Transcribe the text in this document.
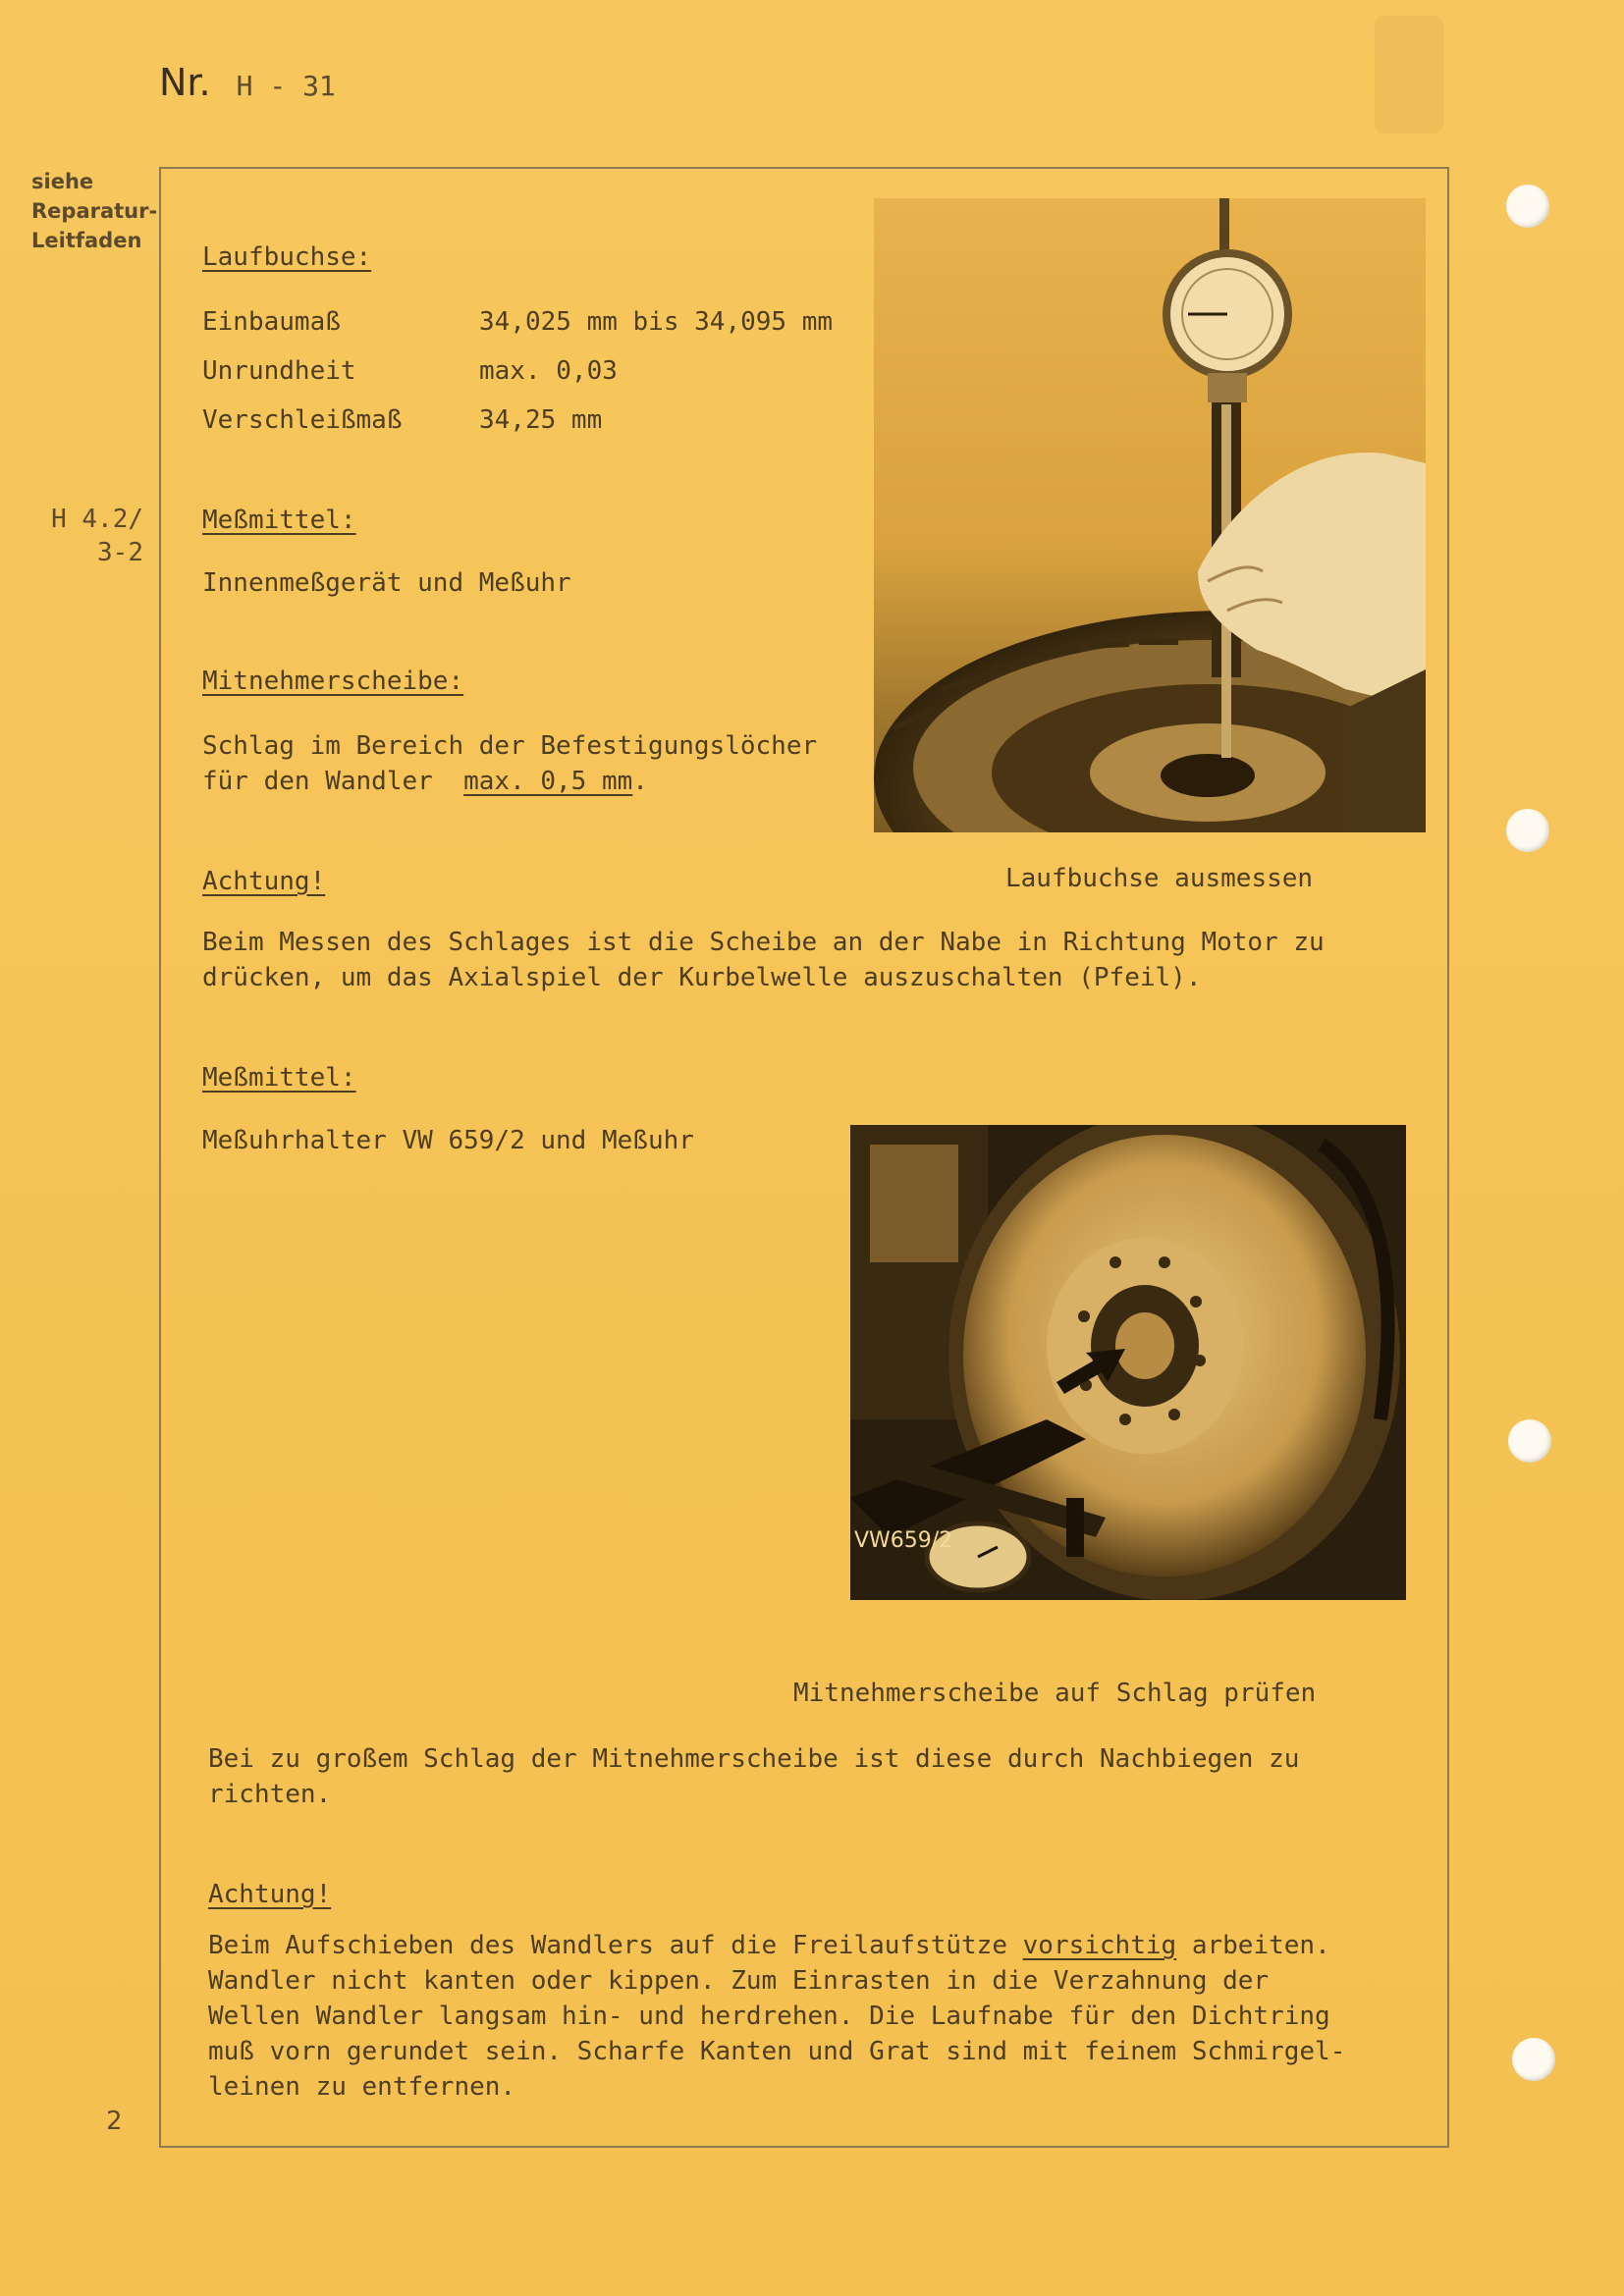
Nr. H - 31
siehe
Reparatur-
Leitfaden
H 4.2/
3-2
2
Laufbuchse:
Einbaumaß	34,025 mm bis 34,095 mm
Unrundheit	max. 0,03
Verschleißmaß	34,25 mm
Meßmittel:
Innenmeßgerät und Meßuhr
Mitnehmerscheibe:
Schlag im Bereich der Befestigungslöcher
für den Wandler  max. 0,5 mm.
Laufbuchse ausmessen
Achtung!
Beim Messen des Schlages ist die Scheibe an der Nabe in Richtung Motor zu
drücken, um das Axialspiel der Kurbelwelle auszuschalten (Pfeil).
Meßmittel:
Meßuhrhalter VW 659/2 und Meßuhr
VW659/2
Mitnehmerscheibe auf Schlag prüfen
Bei zu großem Schlag der Mitnehmerscheibe ist diese durch Nachbiegen zu
richten.
Achtung!
Beim Aufschieben des Wandlers auf die Freilaufstütze vorsichtig arbeiten.
Wandler nicht kanten oder kippen. Zum Einrasten in die Verzahnung der
Wellen Wandler langsam hin- und herdrehen. Die Laufnabe für den Dichtring
muß vorn gerundet sein. Scharfe Kanten und Grat sind mit feinem Schmirgel-
leinen zu entfernen.
